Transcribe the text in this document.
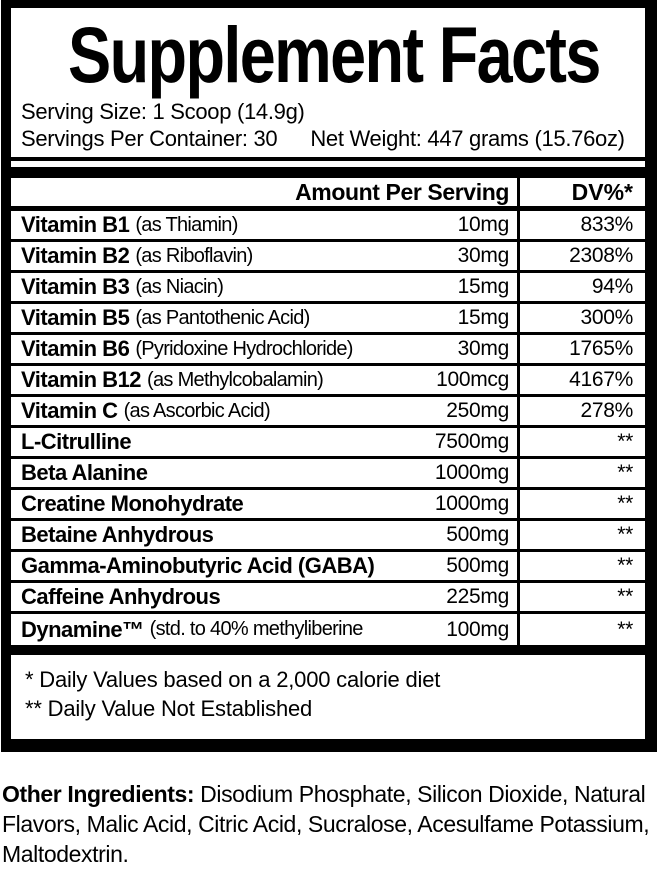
Supplement Facts
Serving Size: 1 Scoop (14.9g)
Servings Per Container: 30 Net Weight: 447 grams (15.76oz)
Amount Per Serving	DV%*
Vitamin B1 (as Thiamin)	10mg	833%
Vitamin B2 (as Riboflavin)	30mg	2308%
Vitamin B3 (as Niacin)	15mg	94%
Vitamin B5 (as Pantothenic Acid)	15mg	300%
Vitamin B6 (Pyridoxine Hydrochloride)	30mg	1765%
Vitamin B12 (as Methylcobalamin)	100mcg	4167%
Vitamin C (as Ascorbic Acid)	250mg	278%
L-Citrulline	7500mg	**
Beta Alanine	1000mg	**
Creatine Monohydrate	1000mg	**
Betaine Anhydrous	500mg	**
Gamma-Aminobutyric Acid (GABA)	500mg	**
Caffeine Anhydrous	225mg	**
Dynamine™ (std. to 40% methyliberine	100mg	**
* Daily Values based on a 2,000 calorie diet
** Daily Value Not Established

Other Ingredients: Disodium Phosphate, Silicon Dioxide, Natural Flavors, Malic Acid, Citric Acid, Sucralose, Acesulfame Potassium, Maltodextrin.
